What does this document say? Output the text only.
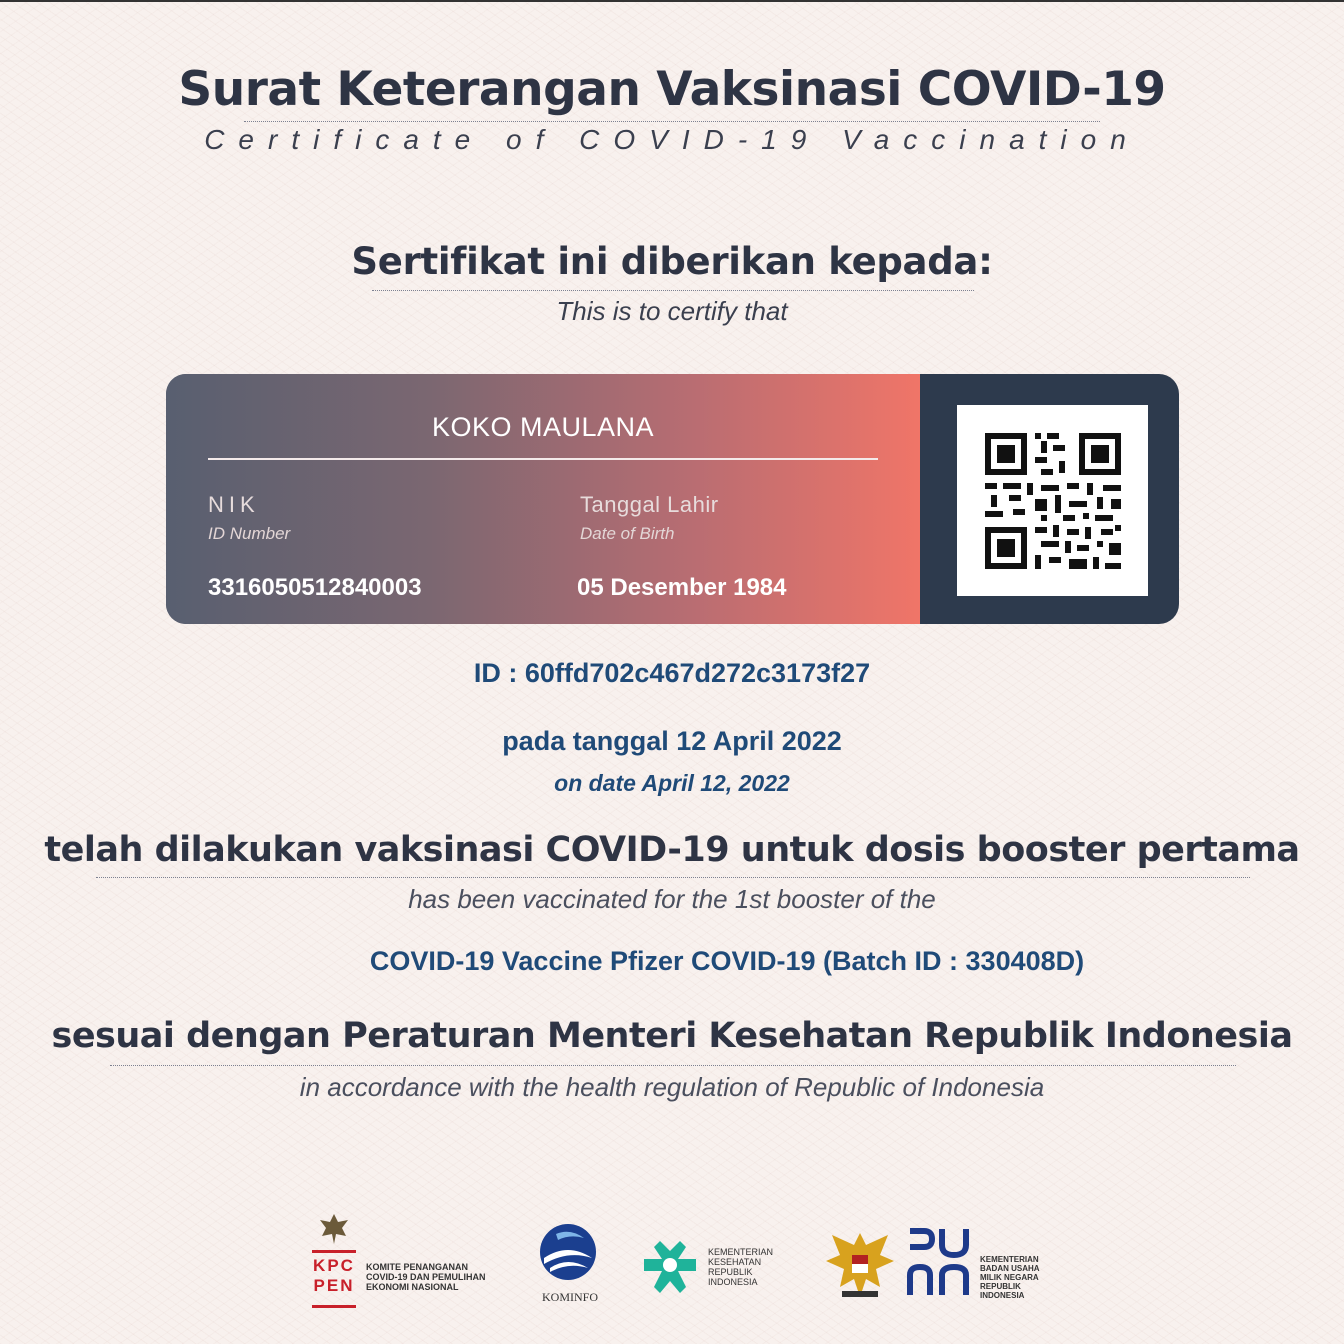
Surat Keterangan Vaksinasi COVID-19
Certificate of COVID-19 Vaccination
Sertifikat ini diberikan kepada:
This is to certify that
KOKO MAULANA
NIK
ID Number
3316050512840003
Tanggal Lahir
Date of Birth
05 Desember 1984
ID : 60ffd702c467d272c3173f27
pada tanggal 12 April 2022
on date April 12, 2022
telah dilakukan vaksinasi COVID-19 untuk dosis booster pertama
has been vaccinated for the 1st booster of the
COVID-19 Vaccine Pfizer COVID-19 (Batch ID : 330408D)
sesuai dengan Peraturan Menteri Kesehatan Republik Indonesia
in accordance with the health regulation of Republic of Indonesia
KPC
PEN
KOMITE PENANGANAN
COVID-19 DAN PEMULIHAN
EKONOMI NASIONAL
KOMINFO
KEMENTERIAN
KESEHATAN
REPUBLIK
INDONESIA
KEMENTERIAN
BADAN USAHA
MILIK NEGARA
REPUBLIK
INDONESIA
